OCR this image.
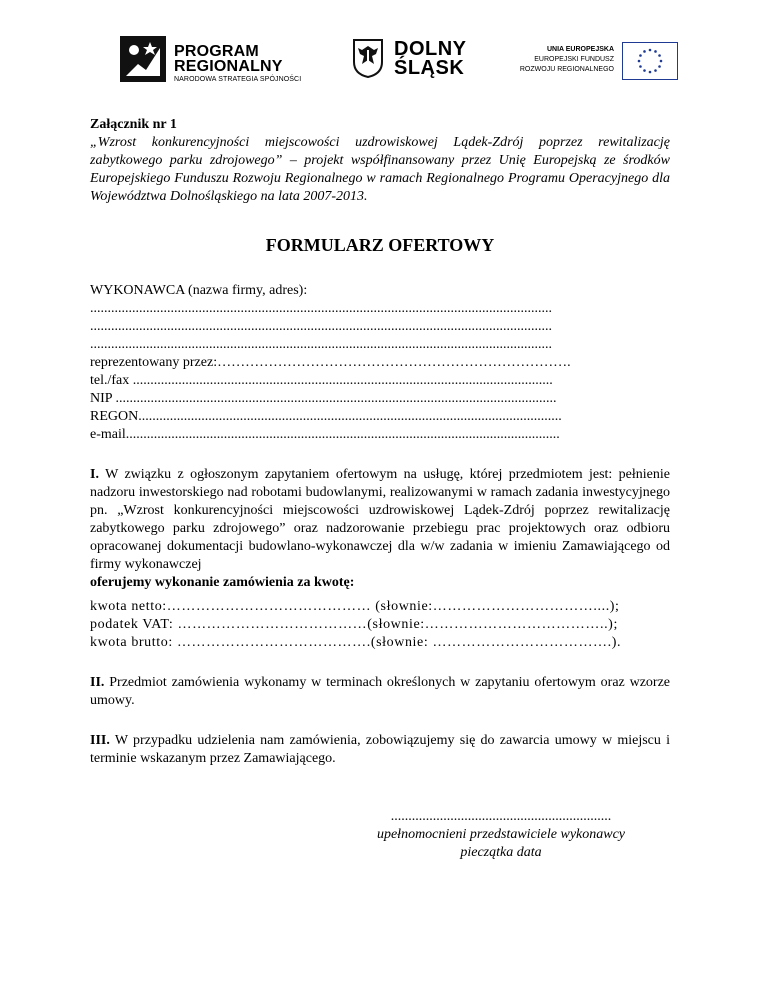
PROGRAM
REGIONALNY
NARODOWA STRATEGIA SPÓJNOŚCI
DOLNY
ŚLĄSK
UNIA EUROPEJSKA
EUROPEJSKI FUNDUSZ
ROZWOJU REGIONALNEGO
Załącznik nr 1
„Wzrost konkurencyjności miejscowości uzdrowiskowej Lądek-Zdrój poprzez rewitalizację zabytkowego parku zdrojowego” – projekt współfinansowany przez Unię Europejską ze środków Europejskiego Funduszu Rozwoju Regionalnego w ramach Regionalnego Programu Operacyjnego dla Województwa Dolnośląskiego na lata 2007-2013.
FORMULARZ OFERTOWY
WYKONAWCA (nazwa firmy, adres):
....................................................................................................................................
....................................................................................................................................
....................................................................................................................................
reprezentowany przez:………………………………………………………………….
tel./fax ........................................................................................................................
NIP ..............................................................................................................................
REGON.........................................................................................................................
e-mail............................................................................................................................
I. W związku z ogłoszonym zapytaniem ofertowym na usługę, której przedmiotem jest: pełnienie nadzoru inwestorskiego nad robotami budowlanymi, realizowanymi w ramach zadania inwestycyjnego pn. „Wzrost konkurencyjności miejscowości uzdrowiskowej Lądek-Zdrój poprzez rewitalizację zabytkowego parku zdrojowego” oraz nadzorowanie przebiegu prac projektowych oraz odbioru opracowanej dokumentacji budowlano-wykonawczej dla w/w zadania w imieniu Zamawiającego od firmy wykonawczej
oferujemy wykonanie zamówienia za kwotę:
kwota netto:…………………………………… (słownie:……………………………....);
podatek VAT: …………………………………(słownie:………………………………..);
kwota brutto: ………………………………….(słownie: ……………………………….).
II. Przedmiot zamówienia wykonamy w terminach określonych w zapytaniu ofertowym oraz wzorze umowy.
III. W przypadku udzielenia nam zamówienia, zobowiązujemy się do zawarcia umowy w miejscu i terminie wskazanym przez Zamawiającego.
...............................................................
upełnomocnieni przedstawiciele wykonawcy
pieczątka data
